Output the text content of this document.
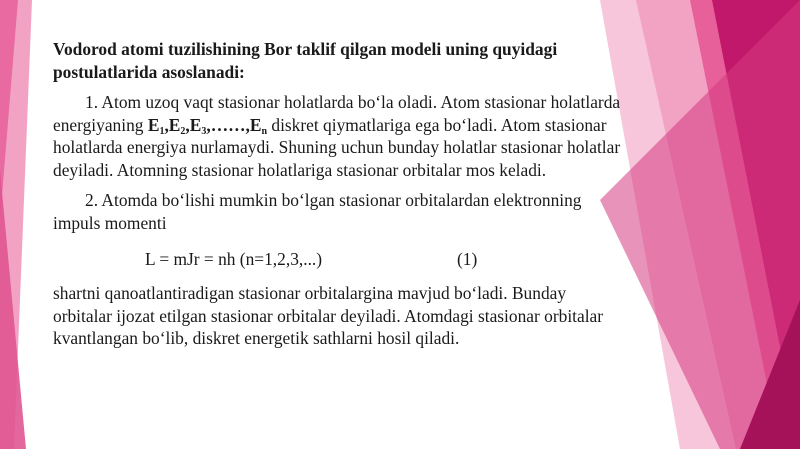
Vodorod atomi tuzilishining Bor taklif qilgan modeli uning quyidagi postulatlarida asoslanadi:

1. Atom uzoq vaqt stasionar holatlarda bo‘la oladi. Atom stasionar holatlarda energiyaning $E_1,E_2,E_3,\dots\dots,E_n$ diskret qiymatlariga ega bo‘ladi. Atom stasionar holatlarda energiya nurlamaydi. Shuning uchun bunday holatlar stasionar holatlar deyiladi. Atomning stasionar holatlariga stasionar orbitalar mos keladi.

2. Atomda bo‘lishi mumkin bo‘lgan stasionar orbitalardan elektronning impuls momenti

L = mJr = nh (n=1,2,3,...)	(1)

shartni qanoatlantiradigan stasionar orbitalargina mavjud bo‘ladi. Bunday orbitalar ijozat etilgan stasionar orbitalar deyiladi. Atomdagi stasionar orbitalar kvantlangan bo‘lib, diskret energetik sathlarni hosil qiladi.
